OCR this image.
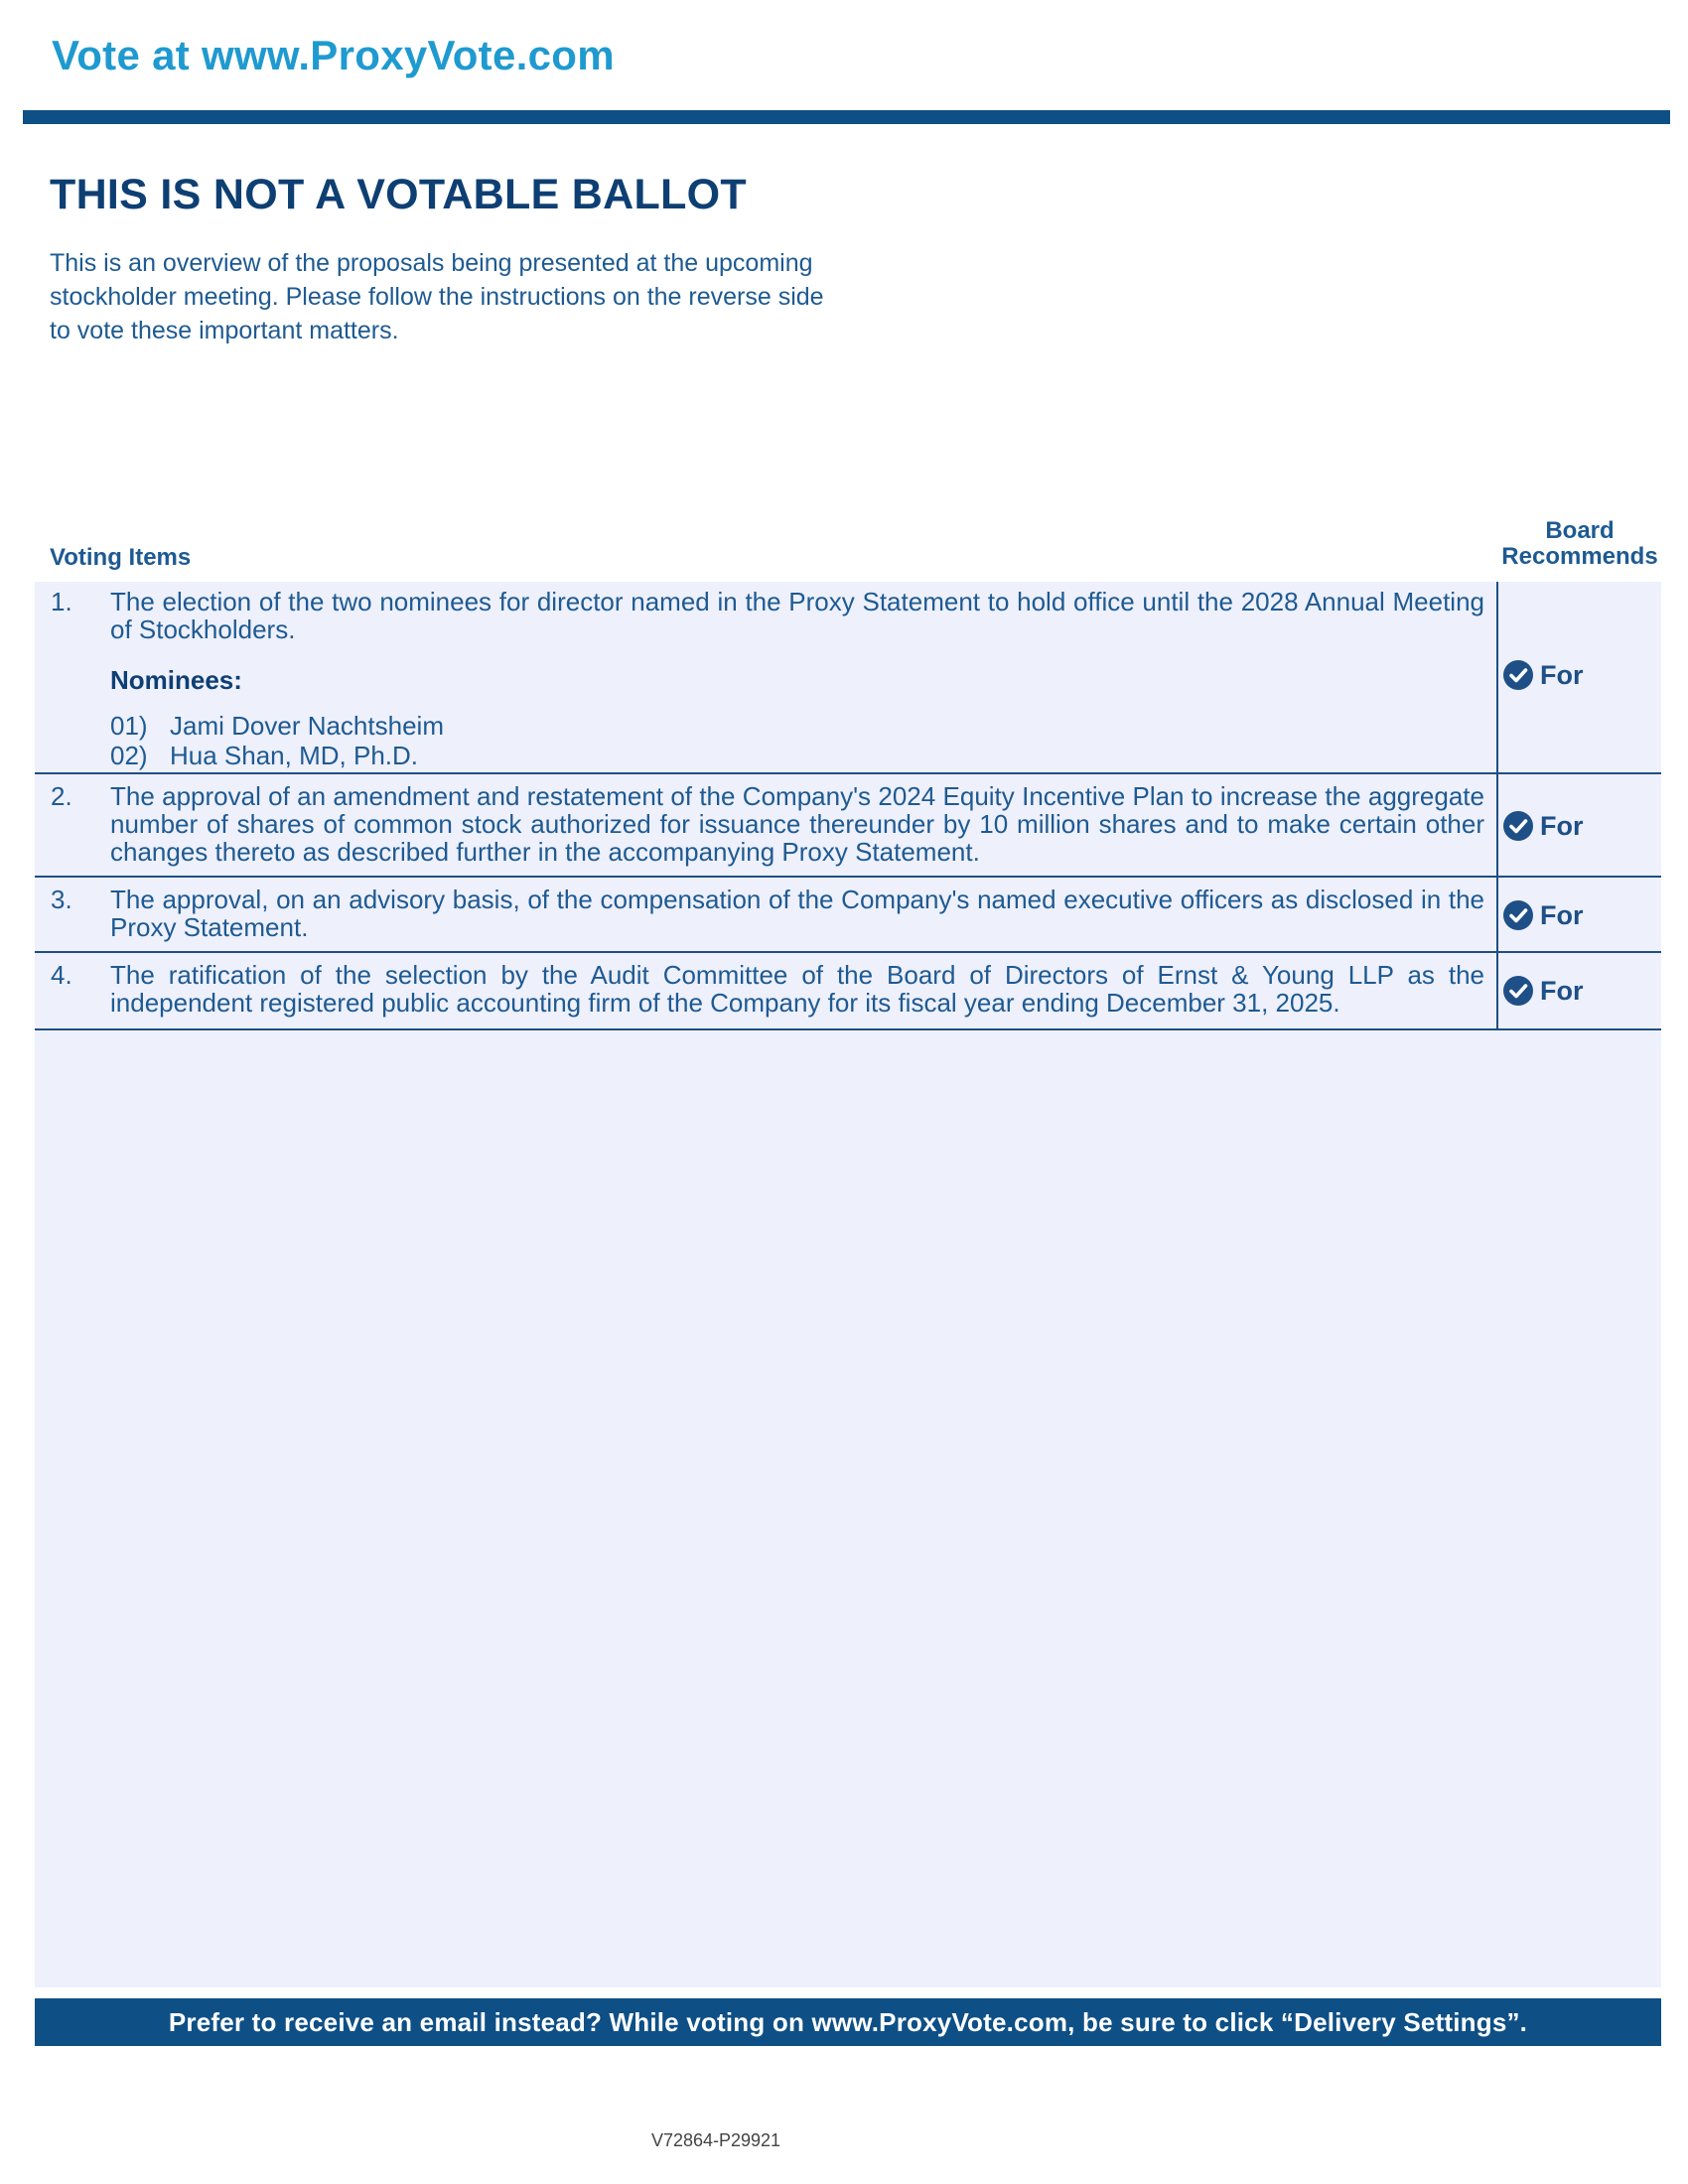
Vote at www.ProxyVote.com
THIS IS NOT A VOTABLE BALLOT
This is an overview of the proposals being presented at the upcoming stockholder meeting. Please follow the instructions on the reverse side to vote these important matters.
Voting Items
Board
Recommends
1. The election of the two nominees for director named in the Proxy Statement to hold office until the 2028 Annual Meeting of Stockholders.
Nominees:
01) Jami Dover Nachtsheim
02) Hua Shan, MD, Ph.D.
For
2. The approval of an amendment and restatement of the Company's 2024 Equity Incentive Plan to increase the aggregate number of shares of common stock authorized for issuance thereunder by 10 million shares and to make certain other changes thereto as described further in the accompanying Proxy Statement.
For
3. The approval, on an advisory basis, of the compensation of the Company's named executive officers as disclosed in the Proxy Statement.	For
4. The ratification of the selection by the Audit Committee of the Board of Directors of Ernst & Young LLP as the independent registered public accounting firm of the Company for its fiscal year ending December 31, 2025.	For
Prefer to receive an email instead? While voting on www.ProxyVote.com, be sure to click “Delivery Settings”.
V72864-P29921
